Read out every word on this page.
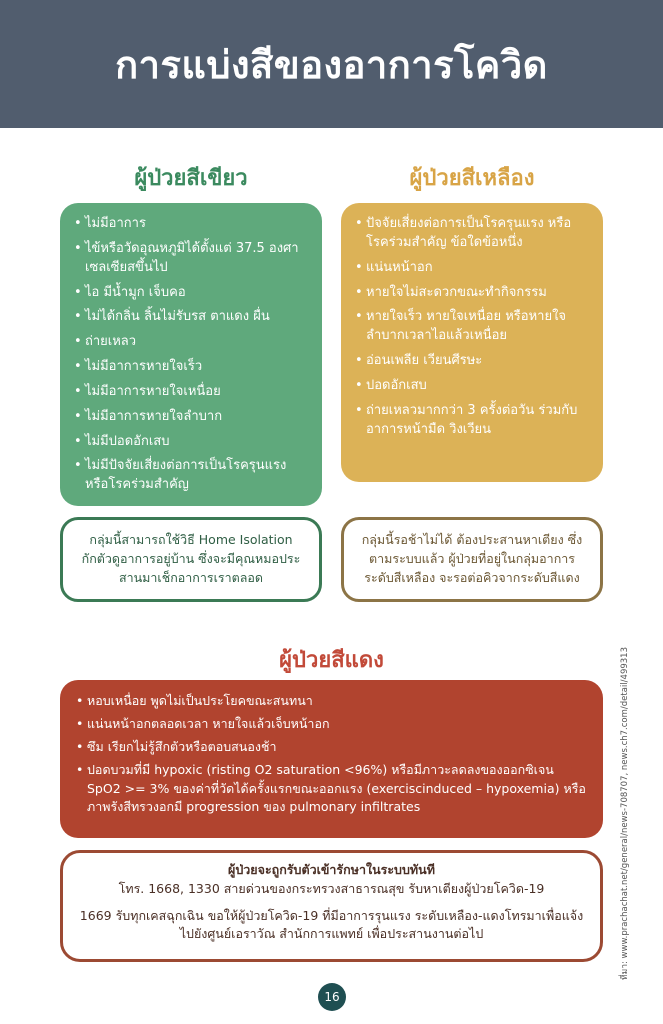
การแบ่งสีของอาการโควิด
ผู้ป่วยสีเขียว	ผู้ป่วยสีเหลือง
• ไม่มีอาการ
• ไข้หรือวัดอุณหภูมิได้ตั้งแต่ 37.5 องศาเซลเซียสขึ้นไป
• ไอ มีน้ำมูก เจ็บคอ
• ไม่ได้กลิ่น ลิ้นไม่รับรส ตาแดง ผื่น
• ถ่ายเหลว
• ไม่มีอาการหายใจเร็ว
• ไม่มีอาการหายใจเหนื่อย
• ไม่มีอาการหายใจลำบาก
• ไม่มีปอดอักเสบ
• ไม่มีปัจจัยเสี่ยงต่อการเป็นโรครุนแรงหรือโรคร่วมสำคัญ
• ปัจจัยเสี่ยงต่อการเป็นโรครุนแรง หรือโรคร่วมสำคัญ ข้อใดข้อหนึ่ง
• แน่นหน้าอก
• หายใจไม่สะดวกขณะทำกิจกรรม
• หายใจเร็ว หายใจเหนื่อย หรือหายใจลำบากเวลาไอแล้วเหนื่อย
• อ่อนเพลีย เวียนศีรษะ
• ปอดอักเสบ
• ถ่ายเหลวมากกว่า 3 ครั้งต่อวัน ร่วมกับอาการหน้ามืด วิงเวียน
กลุ่มนี้สามารถใช้วิธี Home Isolation กักตัวดูอาการอยู่บ้าน ซึ่งจะมีคุณหมอประสานมาเช็กอาการเราตลอด
กลุ่มนี้รอช้าไม่ได้ ต้องประสานหาเตียง ซึ่งตามระบบแล้ว ผู้ป่วยที่อยู่ในกลุ่มอาการระดับสีเหลือง จะรอต่อคิวจากระดับสีแดง
ผู้ป่วยสีแดง
• หอบเหนื่อย พูดไม่เป็นประโยคขณะสนทนา
• แน่นหน้าอกตลอดเวลา หายใจแล้วเจ็บหน้าอก
• ซึม เรียกไม่รู้สึกตัวหรือตอบสนองช้า
• ปอดบวมที่มี hypoxic (risting O2 saturation <96%) หรือมีภาวะลดลงของออกซิเจน SpO2 >= 3% ของค่าที่วัดได้ครั้งแรกขณะออกแรง (exerciscinduced – hypoxemia) หรือภาพรังสีทรวงอกมี progression ของ pulmonary infiltrates
ผู้ป่วยจะถูกรับตัวเข้ารักษาในระบบทันที
โทร. 1668, 1330 สายด่วนของกระทรวงสาธารณสุข รับหาเตียงผู้ป่วยโควิด-19
1669 รับทุกเคสฉุกเฉิน ขอให้ผู้ป่วยโควิด-19 ที่มีอาการรุนแรง ระดับเหลือง-แดงโทรมาเพื่อแจ้งไปยังศูนย์เอราวัณ สำนักการแพทย์ เพื่อประสานงานต่อไป	ที่มา: www.prachachat.net/general/news-708707, news.ch7.com/detail/499313
16
